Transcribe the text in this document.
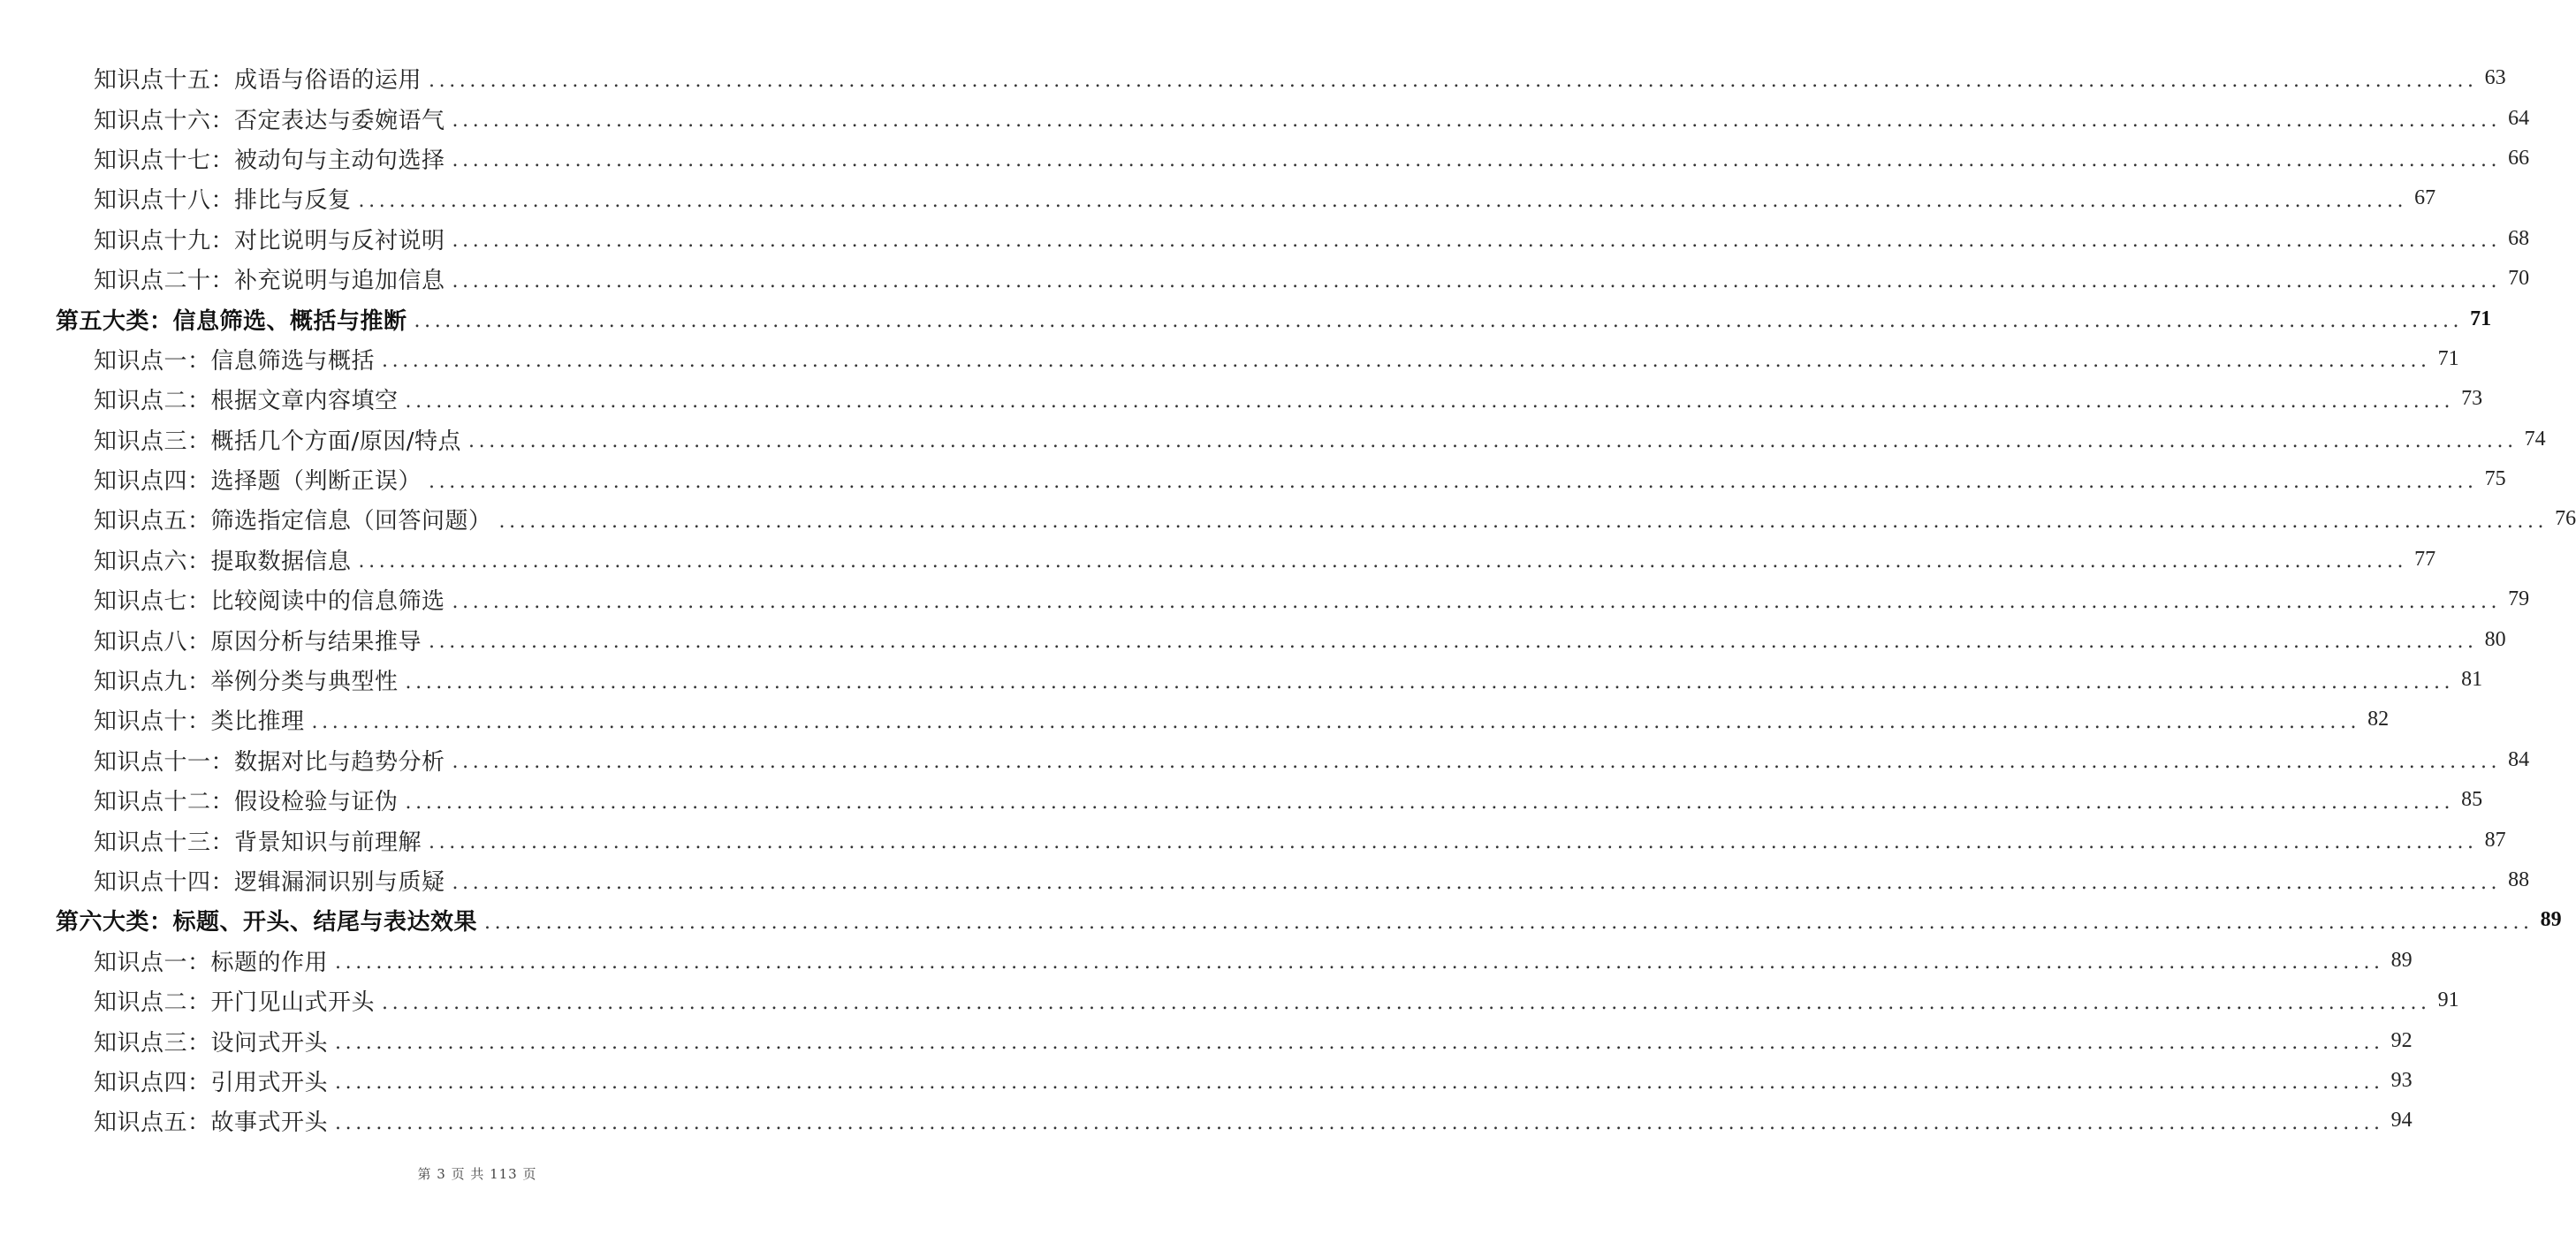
知识点十五：成语与俗语的运用 ........................................................................................................................................................................................................ 63
知识点十六：否定表达与委婉语气 ........................................................................................................................................................................................................ 64
知识点十七：被动句与主动句选择 ........................................................................................................................................................................................................ 66
知识点十八：排比与反复 ........................................................................................................................................................................................................ 67
知识点十九：对比说明与反衬说明 ........................................................................................................................................................................................................ 68
知识点二十：补充说明与追加信息 ........................................................................................................................................................................................................ 70
第五大类：信息筛选、概括与推断 ........................................................................................................................................................................................................ 71
知识点一：信息筛选与概括 ........................................................................................................................................................................................................ 71
知识点二：根据文章内容填空 ........................................................................................................................................................................................................ 73
知识点三：概括几个方面/原因/特点 ........................................................................................................................................................................................................ 74
知识点四：选择题（判断正误） ........................................................................................................................................................................................................ 75
知识点五：筛选指定信息（回答问题） ........................................................................................................................................................................................................ 76
知识点六：提取数据信息 ........................................................................................................................................................................................................ 77
知识点七：比较阅读中的信息筛选 ........................................................................................................................................................................................................ 79
知识点八：原因分析与结果推导 ........................................................................................................................................................................................................ 80
知识点九：举例分类与典型性 ........................................................................................................................................................................................................ 81
知识点十：类比推理 ........................................................................................................................................................................................................ 82
知识点十一：数据对比与趋势分析 ........................................................................................................................................................................................................ 84
知识点十二：假设检验与证伪 ........................................................................................................................................................................................................ 85
知识点十三：背景知识与前理解 ........................................................................................................................................................................................................ 87
知识点十四：逻辑漏洞识别与质疑 ........................................................................................................................................................................................................ 88
第六大类：标题、开头、结尾与表达效果 ........................................................................................................................................................................................................ 89
知识点一：标题的作用 ........................................................................................................................................................................................................ 89
知识点二：开门见山式开头 ........................................................................................................................................................................................................ 91
知识点三：设问式开头 ........................................................................................................................................................................................................ 92
知识点四：引用式开头 ........................................................................................................................................................................................................ 93
知识点五：故事式开头 ........................................................................................................................................................................................................ 94
第 3 页 共 113 页
